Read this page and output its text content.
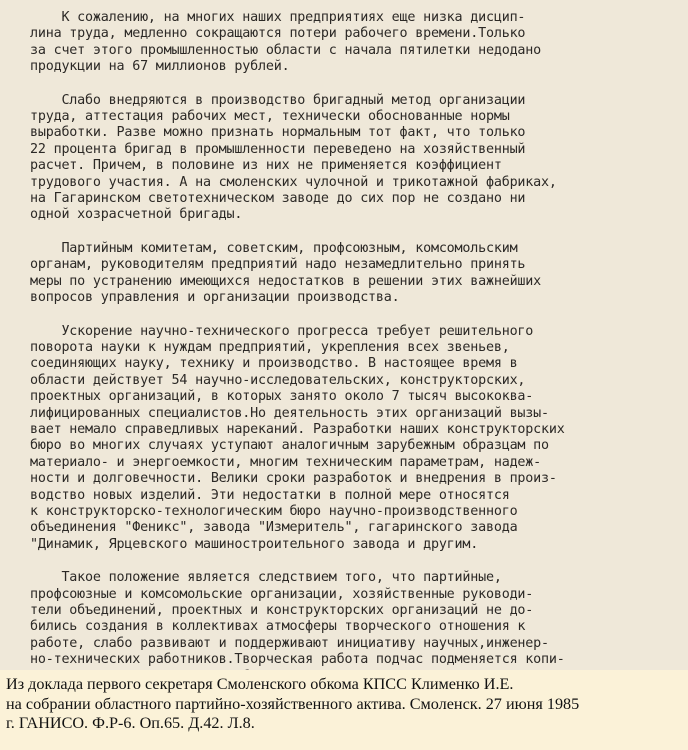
К сожалению, на многих наших предприятиях еще низка дисцип-
лина труда, медленно сокращаются потери рабочего времени.Только
за счет этого промышленностью области с начала пятилетки недодано
продукции на 67 миллионов рублей.
Слабо внедряются в производство бригадный метод организации
труда, аттестация рабочих мест, технически обоснованные нормы
выработки. Разве можно признать нормальным тот факт, что только
22 процента бригад в промышленности переведено на хозяйственный
расчет. Причем, в половине из них не применяется коэффициент
трудового участия. А на смоленских чулочной и трикотажной фабриках,
на Гагаринском светотехническом заводе до сих пор не создано ни
одной хозрасчетной бригады.
Партийным комитетам, советским, профсоюзным, комсомольским
органам, руководителям предприятий надо незамедлительно принять
меры по устранению имеющихся недостатков в решении этих важнейших
вопросов управления и организации производства.
Ускорение научно-технического прогресса требует решительного
поворота науки к нуждам предприятий, укрепления всех звеньев,
соединяющих науку, технику и производство. В настоящее время в
области действует 54 научно-исследовательских, конструкторских,
проектных организаций, в которых занято около 7 тысяч высококва-
лифицированных специалистов.Но деятельность этих организаций вызы-
вает немало справедливых нареканий. Разработки наших конструкторских
бюро во многих случаях уступают аналогичным зарубежным образцам по
материало- и энергоемкости, многим техническим параметрам, надеж-
ности и долговечности. Велики сроки разработок и внедрения в произ-
водство новых изделий. Эти недостатки в полной мере относятся
к конструкторско-технологическим бюро научно-производственного
объединения "Феникс", завода "Измеритель", гагаринского завода
"Динамик, Ярцевского машиностроительного завода и другим.
Такое положение является следствием того, что партийные,
профсоюзные и комсомольские организации, хозяйственные руководи-
тели объединений, проектных и конструкторских организаций не до-
бились создания в коллективах атмосферы творческого отношения к
работе, слабо развивают и поддерживают инициативу научных,инженер-
но-технических работников.Творческая работа подчас подменяется копи-
Из доклада первого секретаря Смоленского обкома КПСС Клименко И.Е.
на собрании областного партийно-хозяйственного актива. Смоленск. 27 июня 1985
г. ГАНИСО. Ф.Р-6. Оп.65. Д.42. Л.8.
